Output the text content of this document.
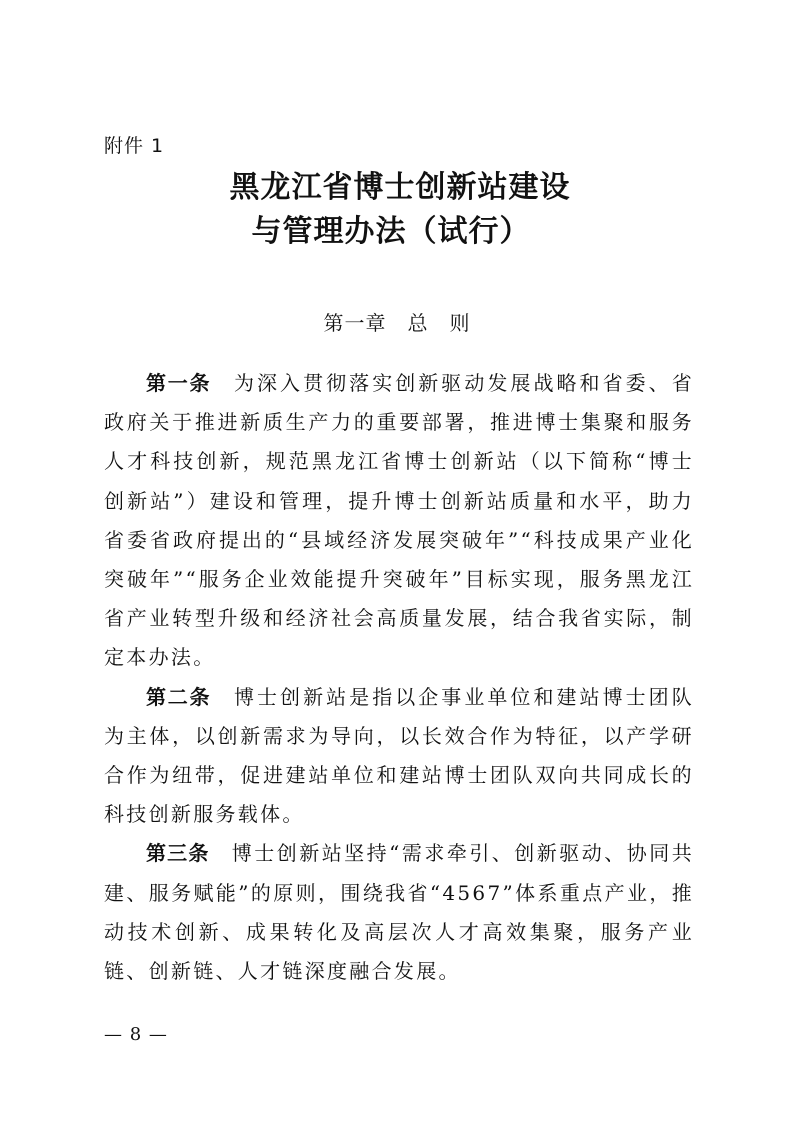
附件 1
黑龙江省博士创新站建设
与管理办法（试行）
第一章　总　则

第一条 为深入贯彻落实创新驱动发展战略和省委、省政府关于推进新质生产力的重要部署，推进博士集聚和服务人才科技创新，规范黑龙江省博士创新站（以下简称“博士创新站”）建设和管理，提升博士创新站质量和水平，助力省委省政府提出的“县域经济发展突破年”“科技成果产业化突破年”“服务企业效能提升突破年”目标实现，服务黑龙江省产业转型升级和经济社会高质量发展，结合我省实际，制定本办法。

第二条 博士创新站是指以企事业单位和建站博士团队为主体，以创新需求为导向，以长效合作为特征，以产学研合作为纽带，促进建站单位和建站博士团队双向共同成长的科技创新服务载体。

第三条 博士创新站坚持“需求牵引、创新驱动、协同共建、服务赋能”的原则，围绕我省“4567”体系重点产业，推动技术创新、成果转化及高层次人才高效集聚，服务产业链、创新链、人才链深度融合发展。

— 8 —
